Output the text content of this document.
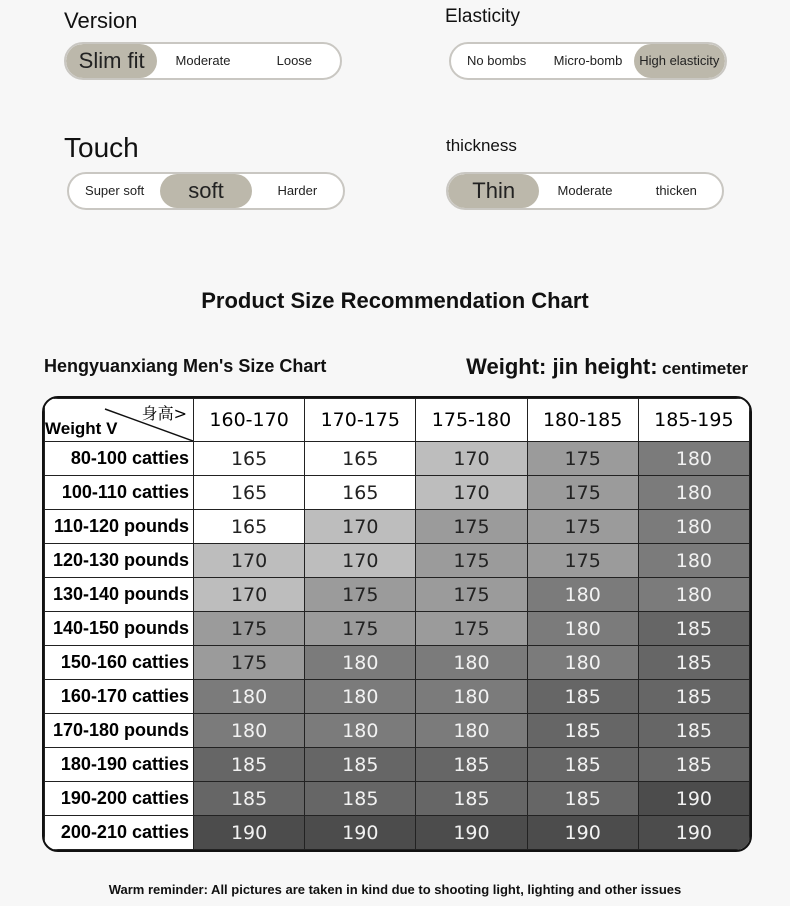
Version
Slim fit	Moderate	Loose
Elasticity
No bombs	Micro-bomb	High elasticity
Touch
Super soft	soft	Harder
thickness
Thin	Moderate	thicken
Product Size Recommendation Chart
Hengyuanxiang Men's Size Chart	Weight: jin height: centimeter
身高>
Weight V	160-170	170-175	175-180	180-185	185-195
80-100 catties	165	165	170	175	180
100-110 catties	165	165	170	175	180
110-120 pounds	165	170	175	175	180
120-130 pounds	170	170	175	175	180
130-140 pounds	170	175	175	180	180
140-150 pounds	175	175	175	180	185
150-160 catties	175	180	180	180	185
160-170 catties	180	180	180	185	185
170-180 pounds	180	180	180	185	185
180-190 catties	185	185	185	185	185
190-200 catties	185	185	185	185	190
200-210 catties	190	190	190	190	190
Warm reminder: All pictures are taken in kind due to shooting light, lighting and other issues
